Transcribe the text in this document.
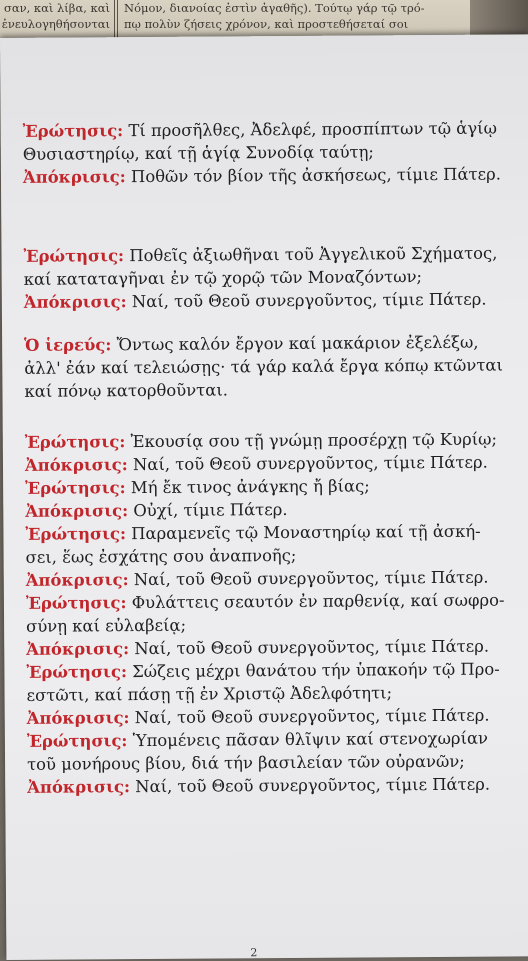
σαν, καὶ λίβα, καὶ
ἐνευλογηθήσονται
Νόμον, διανοίας ἐστὶν ἀγαθῆς). Τούτῳ γάρ τῷ τρό-
πῳ πολὺν ζήσεις χρόνον, καὶ προστεθήσεταί σοι
Ἐρώτησις: Τί προσῆλθες, Ἀδελφέ, προσπίπτων τῷ ἁγίῳ
Θυσιαστηρίῳ, καί τῇ ἁγίᾳ Συνοδίᾳ ταύτῃ;
Ἀπόκρισις: Ποθῶν τόν βίον τῆς ἀσκήσεως, τίμιε Πάτερ.
Ἐρώτησις: Ποθεῖς ἀξιωθῆναι τοῦ Ἀγγελικοῦ Σχήματος,
καί καταταγῆναι ἐν τῷ χορῷ τῶν Μοναζόντων;
Ἀπόκρισις: Ναί, τοῦ Θεοῦ συνεργοῦντος, τίμιε Πάτερ.
Ὁ ἱερεύς: Ὄντως καλόν ἔργον καί μακάριον ἐξελέξω,
ἀλλ' ἐάν καί τελειώσῃς· τά γάρ καλά ἔργα κόπῳ κτῶνται
καί πόνῳ κατορθοῦνται.
Ἐρώτησις: Ἐκουσίᾳ σου τῇ γνώμῃ προσέρχῃ τῷ Κυρίῳ;
Ἀπόκρισις: Ναί, τοῦ Θεοῦ συνεργοῦντος, τίμιε Πάτερ.
Ἐρώτησις: Μή ἔκ τινος ἀνάγκης ἤ βίας;
Ἀπόκρισις: Οὐχί, τίμιε Πάτερ.
Ἐρώτησις: Παραμενεῖς τῷ Μοναστηρίῳ καί τῇ ἀσκή-
σει, ἕως ἐσχάτης σου ἀναπνοῆς;
Ἀπόκρισις: Ναί, τοῦ Θεοῦ συνεργοῦντος, τίμιε Πάτερ.
Ἐρώτησις: Φυλάττεις σεαυτόν ἐν παρθενίᾳ, καί σωφρο-
σύνῃ καί εὐλαβείᾳ;
Ἀπόκρισις: Ναί, τοῦ Θεοῦ συνεργοῦντος, τίμιε Πάτερ.
Ἐρώτησις: Σώζεις μέχρι θανάτου τήν ὑπακοήν τῷ Προ-
εστῶτι, καί πάσῃ τῇ ἐν Χριστῷ Ἀδελφότητι;
Ἀπόκρισις: Ναί, τοῦ Θεοῦ συνεργοῦντος, τίμιε Πάτερ.
Ἐρώτησις: Ὑπομένεις πᾶσαν θλῖψιν καί στενοχωρίαν
τοῦ μονήρους βίου, διά τήν βασιλείαν τῶν οὐρανῶν;
Ἀπόκρισις: Ναί, τοῦ Θεοῦ συνεργοῦντος, τίμιε Πάτερ.
2
